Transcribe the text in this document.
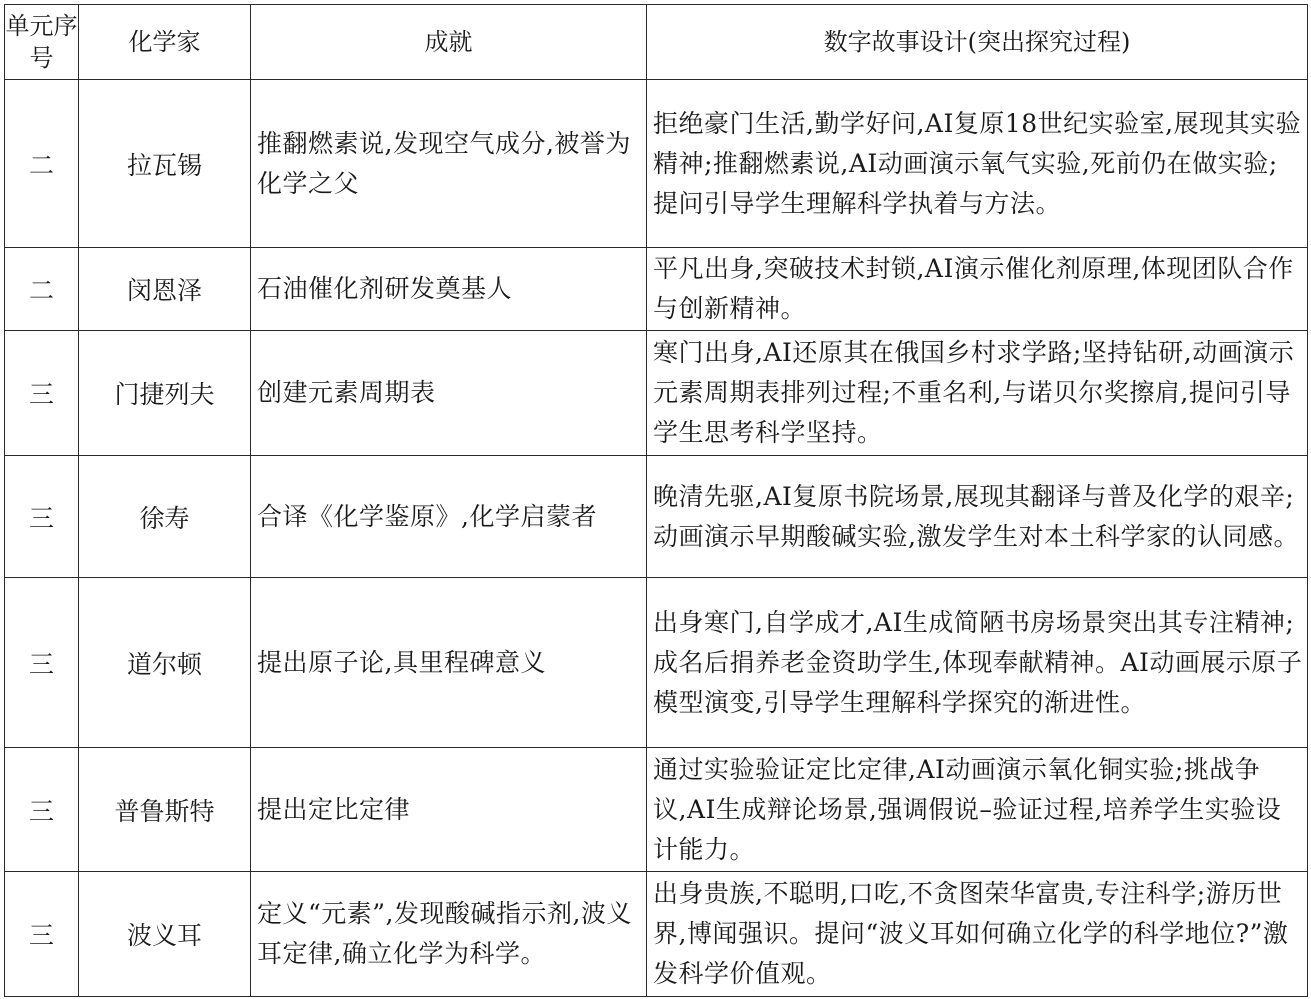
单元序号	化学家	成就	数字故事设计(突出探究过程)
二	拉瓦锡	推翻燃素说,发现空气成分,被誉为化学之父	拒绝豪门生活,勤学好问,AI复原18世纪实验室,展现其实验精神;推翻燃素说,AI动画演示氧气实验,死前仍在做实验;提问引导学生理解科学执着与方法。
二	闵恩泽	石油催化剂研发奠基人	平凡出身,突破技术封锁,AI演示催化剂原理,体现团队合作与创新精神。
三	门捷列夫	创建元素周期表	寒门出身,AI还原其在俄国乡村求学路;坚持钻研,动画演示元素周期表排列过程;不重名利,与诺贝尔奖擦肩,提问引导学生思考科学坚持。
三	徐寿	合译《化学鉴原》,化学启蒙者	晚清先驱,AI复原书院场景,展现其翻译与普及化学的艰辛;动画演示早期酸碱实验,激发学生对本土科学家的认同感。
三	道尔顿	提出原子论,具里程碑意义	出身寒门,自学成才,AI生成简陋书房场景突出其专注精神;成名后捐养老金资助学生,体现奉献精神。AI动画展示原子模型演变,引导学生理解科学探究的渐进性。
三	普鲁斯特	提出定比定律	通过实验验证定比定律,AI动画演示氧化铜实验;挑战争议,AI生成辩论场景,强调假说–验证过程,培养学生实验设计能力。
三	波义耳	定义“元素”,发现酸碱指示剂,波义耳定律,确立化学为科学。	出身贵族,不聪明,口吃,不贪图荣华富贵,专注科学;游历世界,博闻强识。提问“波义耳如何确立化学的科学地位?”激发科学价值观。
